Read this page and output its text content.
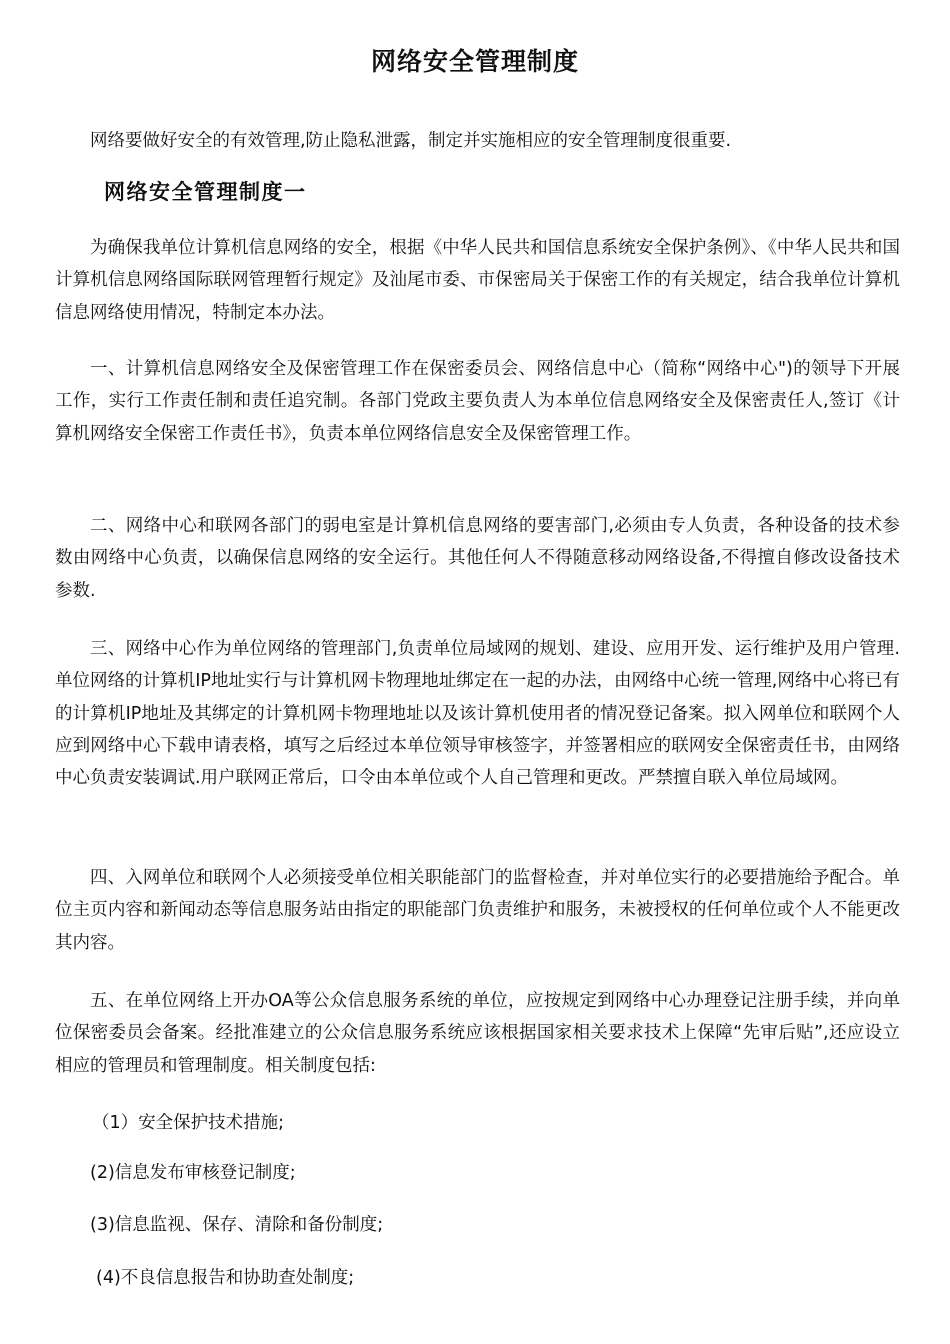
网络安全管理制度

网络要做好安全的有效管理,防止隐私泄露，制定并实施相应的安全管理制度很重要.

网络安全管理制度一

为确保我单位计算机信息网络的安全，根据《中华人民共和国信息系统安全保护条例》、《中华人民共和国计算机信息网络国际联网管理暂行规定》及汕尾市委、市保密局关于保密工作的有关规定，结合我单位计算机信息网络使用情况，特制定本办法。

一、计算机信息网络安全及保密管理工作在保密委员会、网络信息中心（简称“网络中心")的领导下开展工作，实行工作责任制和责任追究制。各部门党政主要负责人为本单位信息网络安全及保密责任人,签订《计算机网络安全保密工作责任书》，负责本单位网络信息安全及保密管理工作。

二、网络中心和联网各部门的弱电室是计算机信息网络的要害部门,必须由专人负责，各种设备的技术参数由网络中心负责，以确保信息网络的安全运行。其他任何人不得随意移动网络设备,不得擅自修改设备技术参数.

三、网络中心作为单位网络的管理部门,负责单位局域网的规划、建设、应用开发、运行维护及用户管理.单位网络的计算机IP地址实行与计算机网卡物理地址绑定在一起的办法，由网络中心统一管理,网络中心将已有的计算机IP地址及其绑定的计算机网卡物理地址以及该计算机使用者的情况登记备案。拟入网单位和联网个人应到网络中心下载申请表格，填写之后经过本单位领导审核签字，并签署相应的联网安全保密责任书，由网络中心负责安装调试.用户联网正常后，口令由本单位或个人自己管理和更改。严禁擅自联入单位局域网。

四、入网单位和联网个人必须接受单位相关职能部门的监督检查，并对单位实行的必要措施给予配合。单位主页内容和新闻动态等信息服务站由指定的职能部门负责维护和服务，未被授权的任何单位或个人不能更改其内容。

五、在单位网络上开办OA等公众信息服务系统的单位，应按规定到网络中心办理登记注册手续，并向单位保密委员会备案。经批准建立的公众信息服务系统应该根据国家相关要求技术上保障“先审后贴”,还应设立相应的管理员和管理制度。相关制度包括:

（1）安全保护技术措施;

(2)信息发布审核登记制度;

(3)信息监视、保存、清除和备份制度;

(4)不良信息报告和协助查处制度;
